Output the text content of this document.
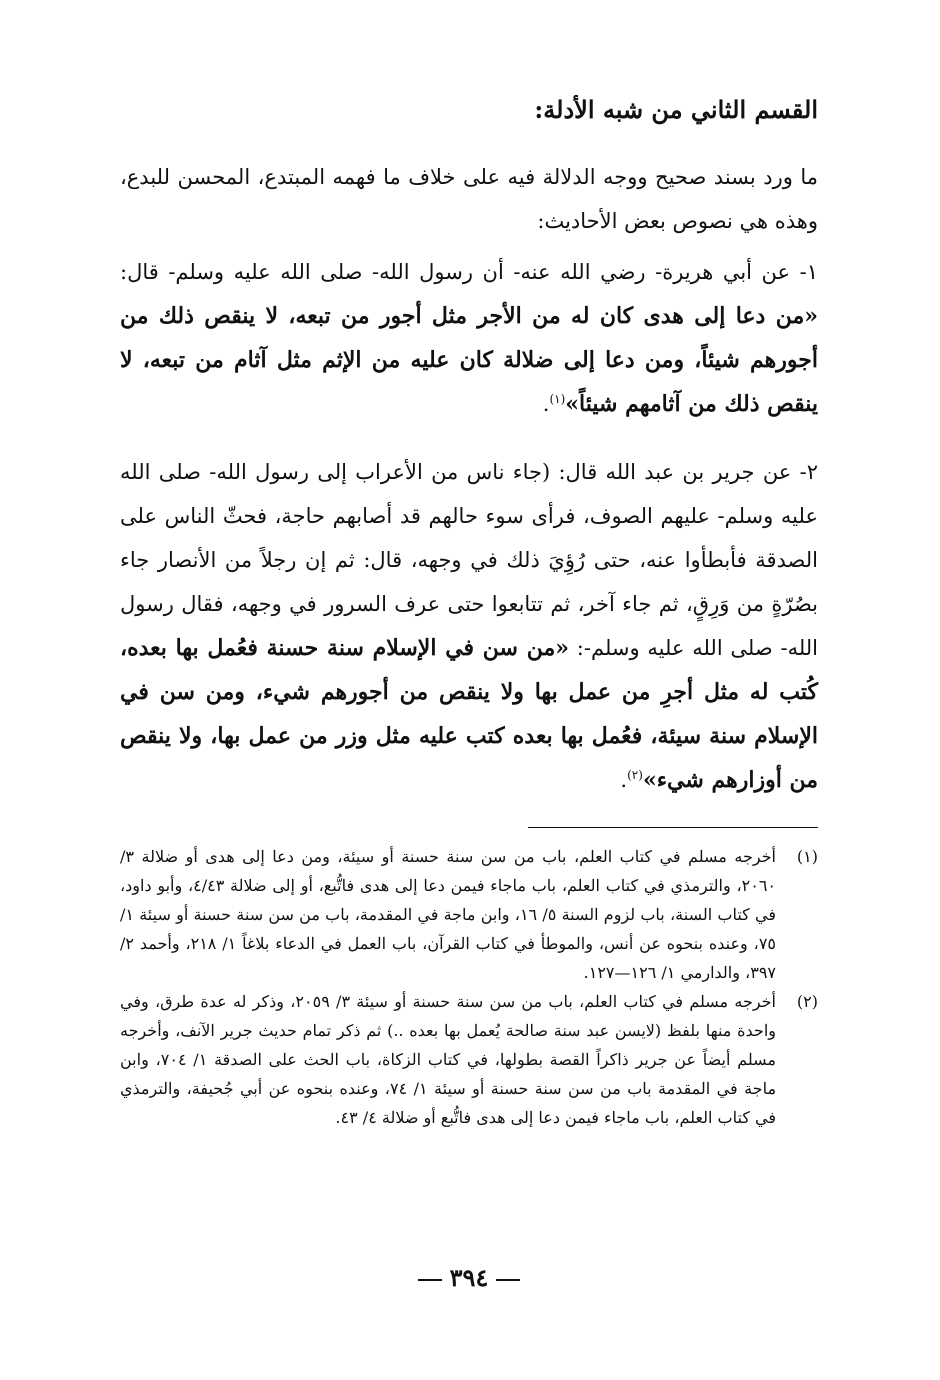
القسم الثاني من شبه الأدلة:

ما ورد بسند صحيح ووجه الدلالة فيه على خلاف ما فهمه المبتدع، المحسن للبدع، وهذه هي نصوص بعض الأحاديث:

١- عن أبي هريرة- رضي الله عنه- أن رسول الله- صلى الله عليه وسلم- قال: «من دعا إلى هدى كان له من الأجر مثل أجور من تبعه، لا ينقص ذلك من أجورهم شيئاً، ومن دعا إلى ضلالة كان عليه من الإثم مثل آثام من تبعه، لا ينقص ذلك من آثامهم شيئاً»$^{(١)}$.

٢- عن جرير بن عبد الله قال: (جاء ناس من الأعراب إلى رسول الله- صلى الله عليه وسلم- عليهم الصوف، فرأى سوء حالهم قد أصابهم حاجة، فحثّ الناس على الصدقة فأبطأوا عنه، حتى رُؤِيَ ذلك في وجهه، قال: ثم إن رجلاً من الأنصار جاء بصُرّةٍ من وَرِقٍ، ثم جاء آخر، ثم تتابعوا حتى عرف السرور في وجهه، فقال رسول الله- صلى الله عليه وسلم-: «من سن في الإسلام سنة حسنة فعُمل بها بعده، كُتب له مثل أجرِ من عمل بها ولا ينقص من أجورهم شيء، ومن سن في الإسلام سنة سيئة، فعُمل بها بعده كتب عليه مثل وزر من عمل بها، ولا ينقص من أوزارهم شيء»$^{(٢)}$.

(١)
أخرجه مسلم في كتاب العلم، باب من سن سنة حسنة أو سيئة، ومن دعا إلى هدى أو ضلالة ٣/ ٢٠٦٠، والترمذي في كتاب العلم، باب ماجاء فيمن دعا إلى هدى فاتُّبع، أو إلى ضلالة ٤/٤٣، وأبو داود، في كتاب السنة، باب لزوم السنة ٥/ ١٦، وابن ماجة في المقدمة، باب من سن سنة حسنة أو سيئة ١/ ٧٥، وعنده بنحوه عن أنس، والموطأ في كتاب القرآن، باب العمل في الدعاء بلاغاً ١/ ٢١٨، وأحمد ٢/ ٣٩٧، والدارمي ١/ ١٢٦—١٢٧.
(٢)
أخرجه مسلم في كتاب العلم، باب من سن سنة حسنة أو سيئة ٣/ ٢٠٥٩، وذكر له عدة طرق، وفي واحدة منها بلفظ (لايسن عبد سنة صالحة يُعمل بها بعده ..) ثم ذكر تمام حديث جرير الآنف، وأخرجه مسلم أيضاً عن جرير ذاكراً القصة بطولها، في كتاب الزكاة، باب الحث على الصدقة ١/ ٧٠٤، وابن ماجة في المقدمة باب من سن سنة حسنة أو سيئة ١/ ٧٤، وعنده بنحوه عن أبي جُحيفة، والترمذي في كتاب العلم، باب ماجاء فيمن دعا إلى هدى فاتُّبع أو ضلالة ٤/ ٤٣.
٣٩٤
